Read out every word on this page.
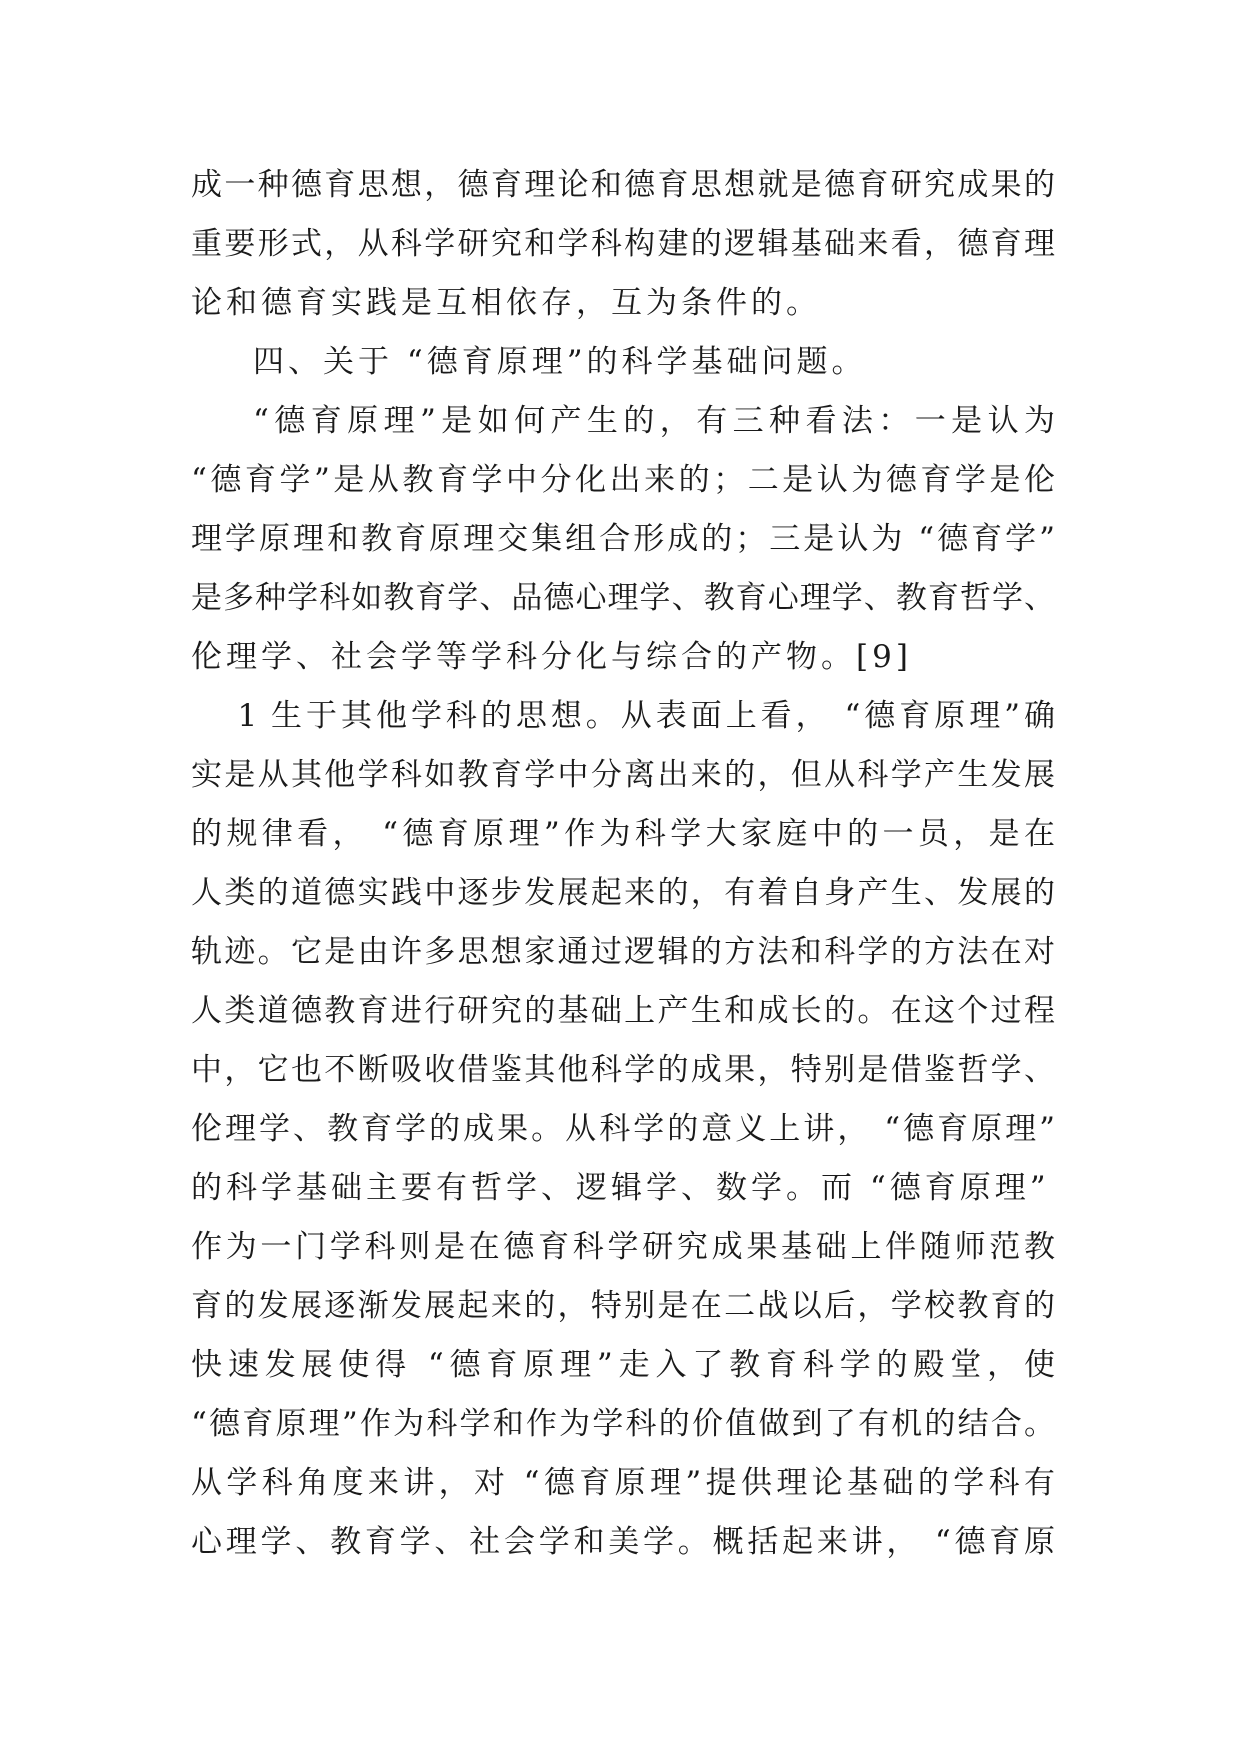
成一种德育思想，德育理论和德育思想就是德育研究成果的
重要形式，从科学研究和学科构建的逻辑基础来看，德育理
论和德育实践是互相依存，互为条件的。
四、关于 “德育原理”的科学基础问题。
“德育原理”是如何产生的，有三种看法：一是认为
“德育学”是从教育学中分化出来的；二是认为德育学是伦
理学原理和教育原理交集组合形成的；三是认为 “德育学”
是多种学科如教育学、品德心理学、教育心理学、教育哲学、
伦理学、社会学等学科分化与综合的产物。[9]
1 生于其他学科的思想。从表面上看， “德育原理”确
实是从其他学科如教育学中分离出来的，但从科学产生发展
的规律看， “德育原理”作为科学大家庭中的一员，是在
人类的道德实践中逐步发展起来的，有着自身产生、发展的
轨迹。它是由许多思想家通过逻辑的方法和科学的方法在对
人类道德教育进行研究的基础上产生和成长的。在这个过程
中，它也不断吸收借鉴其他科学的成果，特别是借鉴哲学、
伦理学、教育学的成果。从科学的意义上讲， “德育原理”
的科学基础主要有哲学、逻辑学、数学。而 “德育原理”
作为一门学科则是在德育科学研究成果基础上伴随师范教
育的发展逐渐发展起来的，特别是在二战以后，学校教育的
快速发展使得 “德育原理”走入了教育科学的殿堂，使
“德育原理”作为科学和作为学科的价值做到了有机的结合。
从学科角度来讲，对 “德育原理”提供理论基础的学科有
心理学、教育学、社会学和美学。概括起来讲， “德育原
